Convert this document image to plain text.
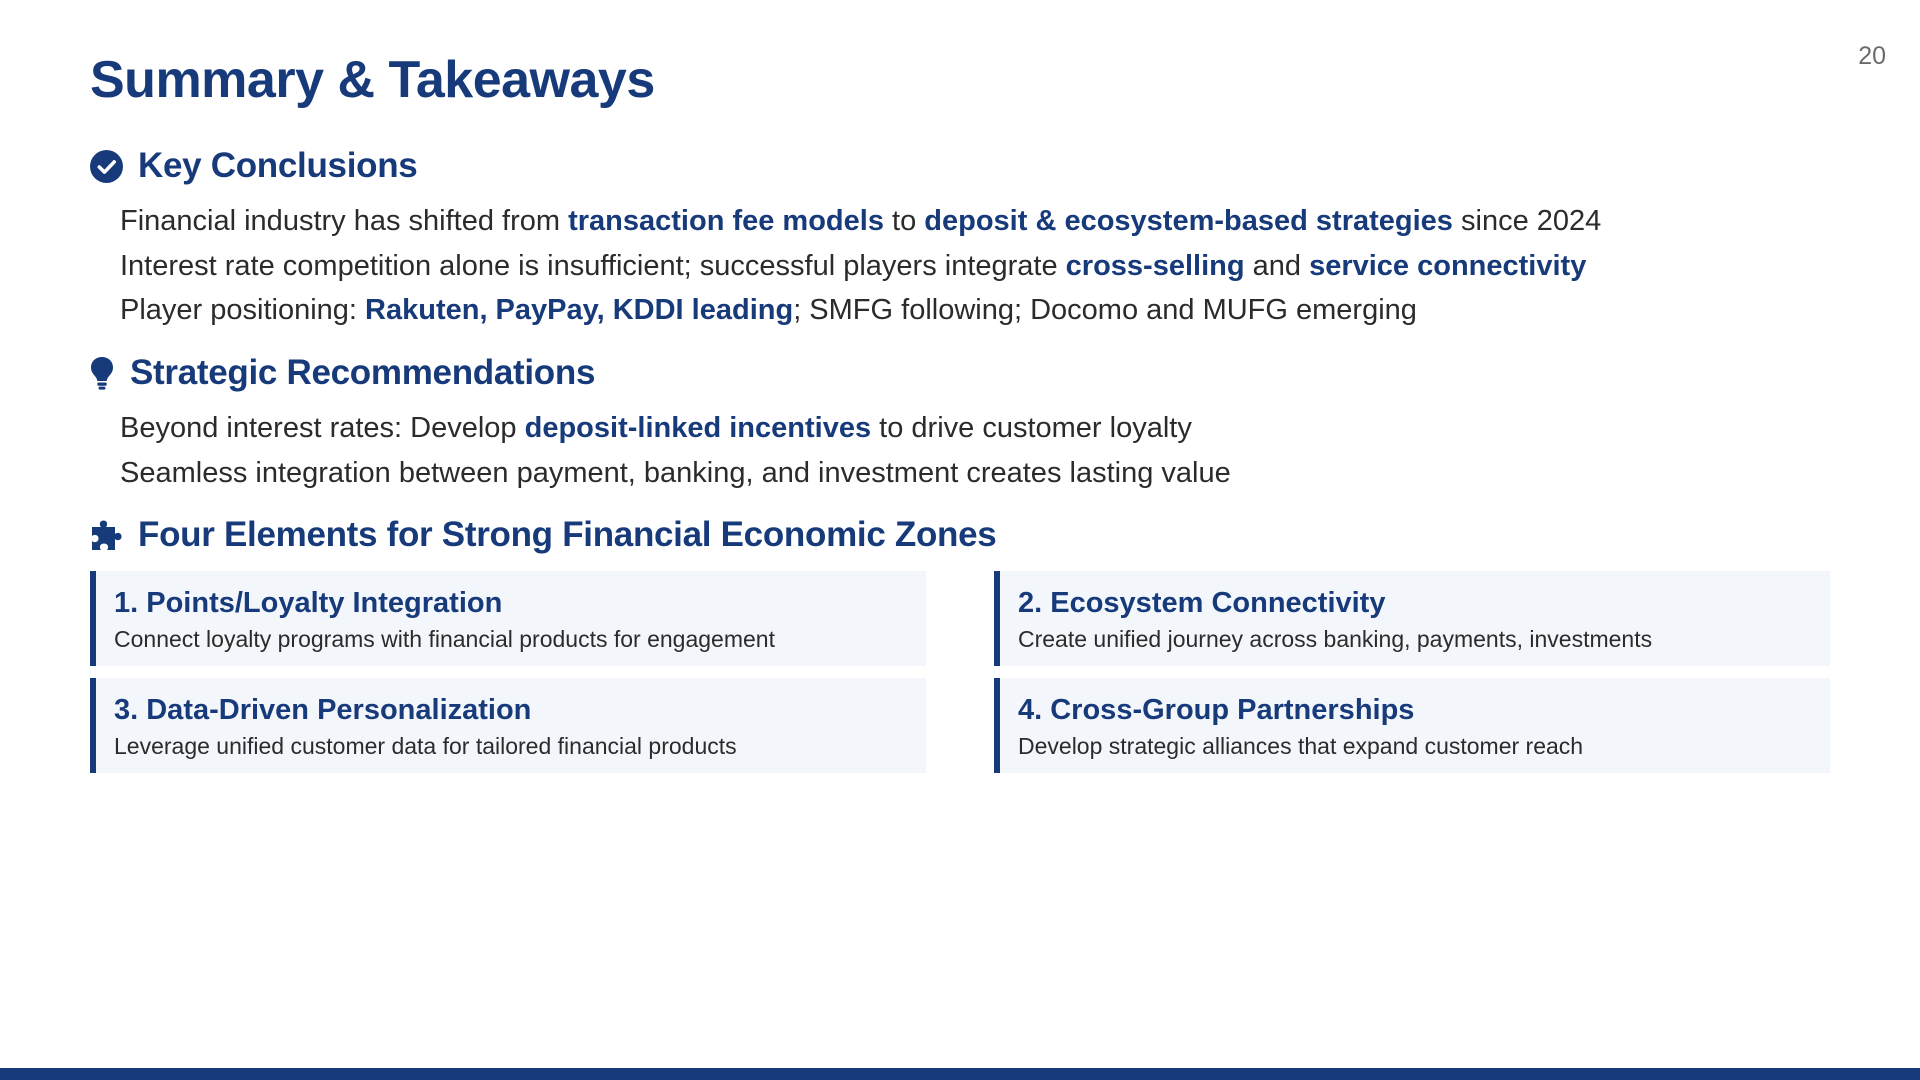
20
Summary & Takeaways
Key Conclusions
Financial industry has shifted from transaction fee models to deposit & ecosystem-based strategies since 2024
Interest rate competition alone is insufficient; successful players integrate cross-selling and service connectivity
Player positioning: Rakuten, PayPay, KDDI leading; SMFG following; Docomo and MUFG emerging
Strategic Recommendations
Beyond interest rates: Develop deposit-linked incentives to drive customer loyalty
Seamless integration between payment, banking, and investment creates lasting value
Four Elements for Strong Financial Economic Zones
1. Points/Loyalty Integration
Connect loyalty programs with financial products for engagement
2. Ecosystem Connectivity
Create unified journey across banking, payments, investments
3. Data-Driven Personalization
Leverage unified customer data for tailored financial products
4. Cross-Group Partnerships
Develop strategic alliances that expand customer reach
